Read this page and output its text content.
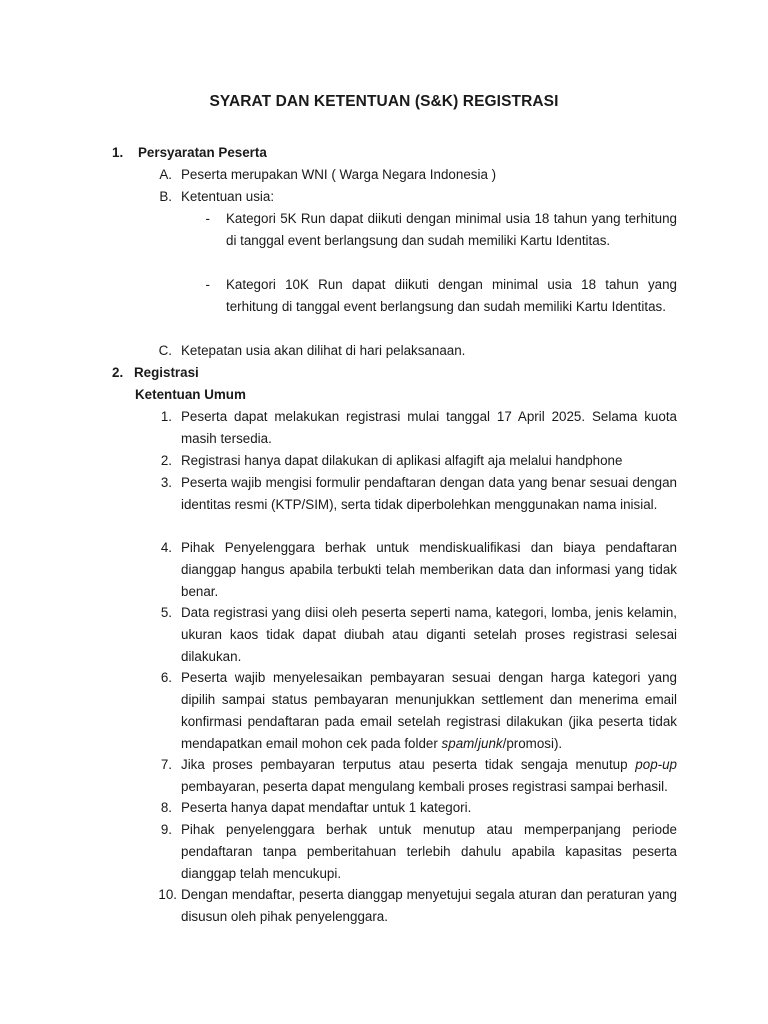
SYARAT DAN KETENTUAN (S&K) REGISTRASI
1. Persyaratan Peserta
A. Peserta merupakan WNI ( Warga Negara Indonesia )
B. Ketentuan usia:
- Kategori 5K Run dapat diikuti dengan minimal usia 18 tahun yang terhitung di tanggal event berlangsung dan sudah memiliki Kartu Identitas.
- Kategori 10K Run dapat diikuti dengan minimal usia 18 tahun yang terhitung di tanggal event berlangsung dan sudah memiliki Kartu Identitas.
C. Ketepatan usia akan dilihat di hari pelaksanaan.
2. Registrasi
Ketentuan Umum
1. Peserta dapat melakukan registrasi mulai tanggal 17 April 2025. Selama kuota masih tersedia.
2. Registrasi hanya dapat dilakukan di aplikasi alfagift aja melalui handphone
3. Peserta wajib mengisi formulir pendaftaran dengan data yang benar sesuai dengan identitas resmi (KTP/SIM), serta tidak diperbolehkan menggunakan nama inisial.
4. Pihak Penyelenggara berhak untuk mendiskualifikasi dan biaya pendaftaran dianggap hangus apabila terbukti telah memberikan data dan informasi yang tidak benar.
5. Data registrasi yang diisi oleh peserta seperti nama, kategori, lomba, jenis kelamin, ukuran kaos tidak dapat diubah atau diganti setelah proses registrasi selesai dilakukan.
6. Peserta wajib menyelesaikan pembayaran sesuai dengan harga kategori yang dipilih sampai status pembayaran menunjukkan settlement dan menerima email konfirmasi pendaftaran pada email setelah registrasi dilakukan (jika peserta tidak mendapatkan email mohon cek pada folder spam/junk/promosi).
7. Jika proses pembayaran terputus atau peserta tidak sengaja menutup pop-up pembayaran, peserta dapat mengulang kembali proses registrasi sampai berhasil.
8. Peserta hanya dapat mendaftar untuk 1 kategori.
9. Pihak penyelenggara berhak untuk menutup atau memperpanjang periode pendaftaran tanpa pemberitahuan terlebih dahulu apabila kapasitas peserta dianggap telah mencukupi.
10. Dengan mendaftar, peserta dianggap menyetujui segala aturan dan peraturan yang disusun oleh pihak penyelenggara.
